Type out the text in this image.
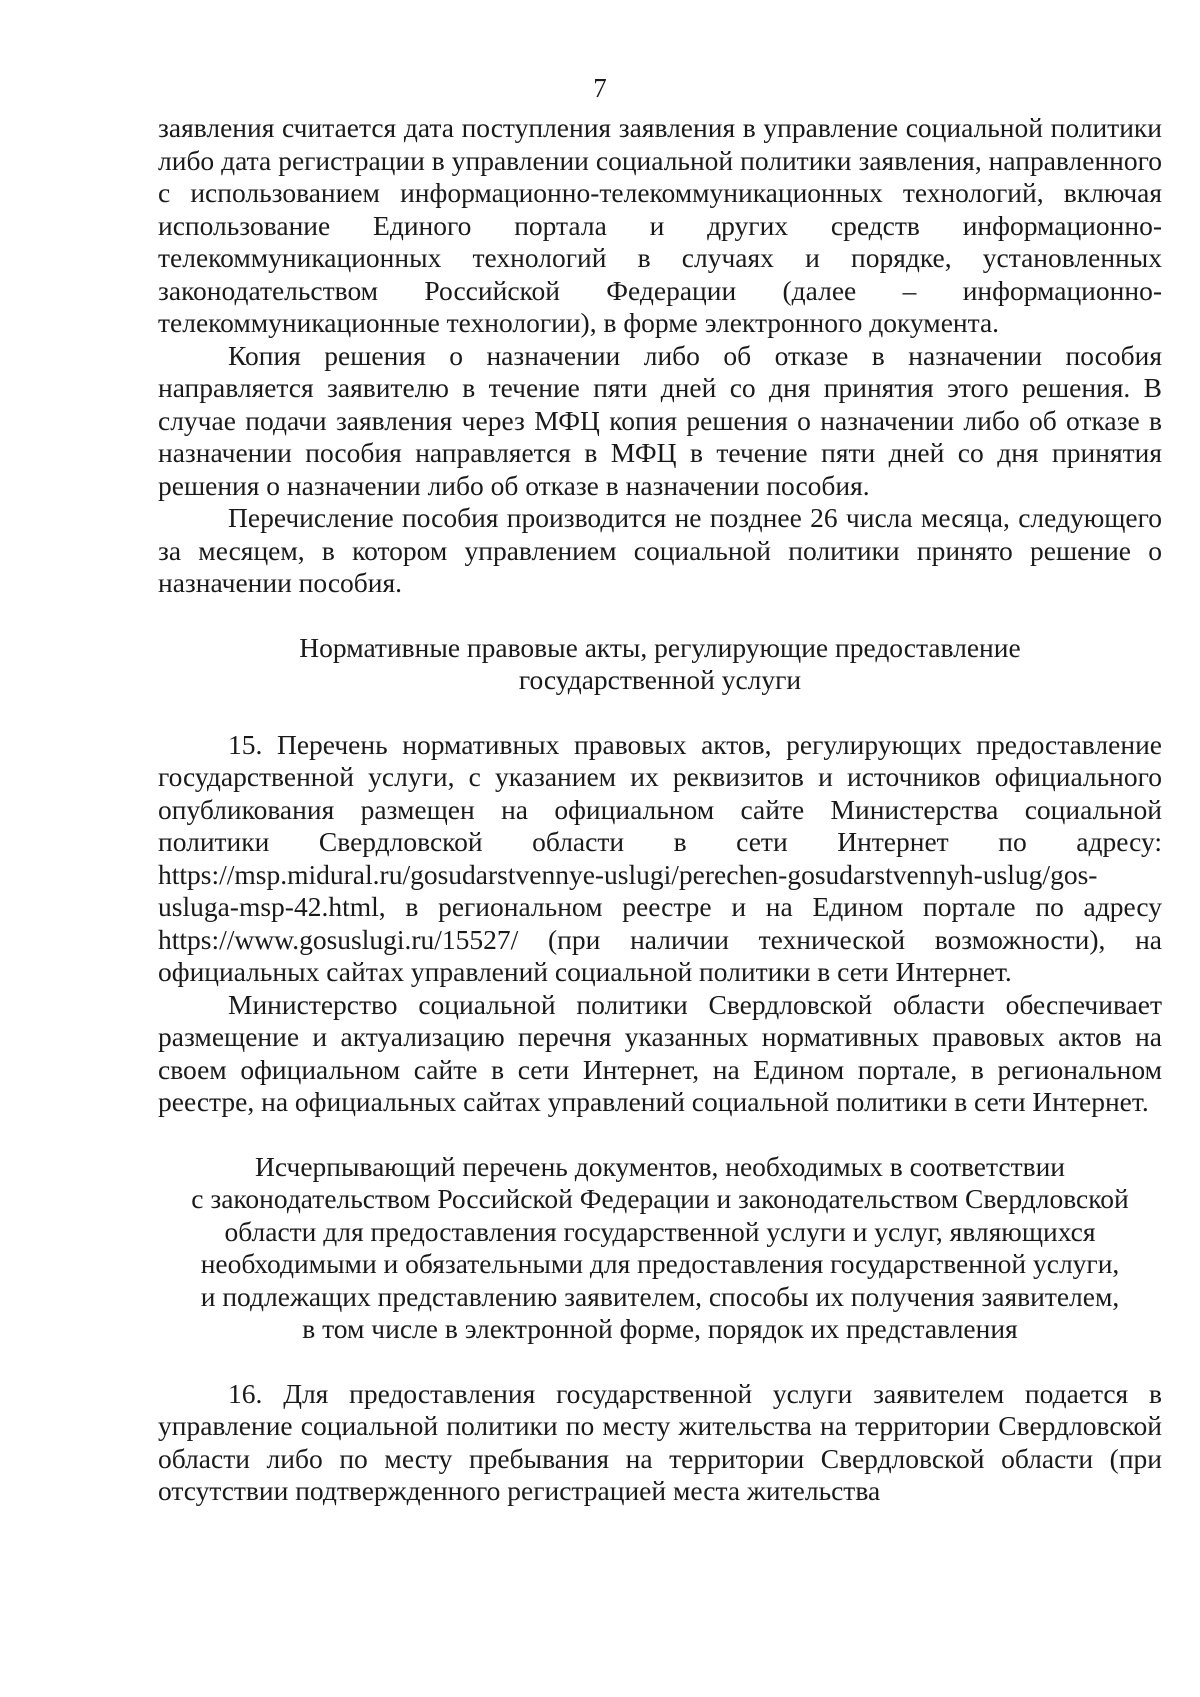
7

заявления считается дата поступления заявления в управление социальной политики либо дата регистрации в управлении социальной политики заявления, направленного с использованием информационно-телекоммуникационных технологий, включая использование Единого портала и других средств информационно-телекоммуникационных технологий в случаях и порядке, установленных законодательством Российской Федерации (далее – информационно-телекоммуникационные технологии), в форме электронного документа.

Копия решения о назначении либо об отказе в назначении пособия направляется заявителю в течение пяти дней со дня принятия этого решения. В случае подачи заявления через МФЦ копия решения о назначении либо об отказе в назначении пособия направляется в МФЦ в течение пяти дней со дня принятия решения о назначении либо об отказе в назначении пособия.

Перечисление пособия производится не позднее 26 числа месяца, следующего за месяцем, в котором управлением социальной политики принято решение о назначении пособия.

Нормативные правовые акты, регулирующие предоставление
государственной услуги

15. Перечень нормативных правовых актов, регулирующих предоставление государственной услуги, с указанием их реквизитов и источников официального опубликования размещен на официальном сайте Министерства социальной политики Свердловской области в сети Интернет по адресу: https://msp.midural.ru/gosudarstvennye-uslugi/perechen-gosudarstvennyh-uslug/gos-usluga-msp-42.html, в региональном реестре и на Едином портале по адресу https://www.gosuslugi.ru/15527/ (при наличии технической возможности), на официальных сайтах управлений социальной политики в сети Интернет.

Министерство социальной политики Свердловской области обеспечивает размещение и актуализацию перечня указанных нормативных правовых актов на своем официальном сайте в сети Интернет, на Едином портале, в региональном реестре, на официальных сайтах управлений социальной политики в сети Интернет.

Исчерпывающий перечень документов, необходимых в соответствии
с законодательством Российской Федерации и законодательством Свердловской
области для предоставления государственной услуги и услуг, являющихся
необходимыми и обязательными для предоставления государственной услуги,
и подлежащих представлению заявителем, способы их получения заявителем,
в том числе в электронной форме, порядок их представления

16. Для предоставления государственной услуги заявителем подается в управление социальной политики по месту жительства на территории Свердловской области либо по месту пребывания на территории Свердловской области (при отсутствии подтвержденного регистрацией места жительства
